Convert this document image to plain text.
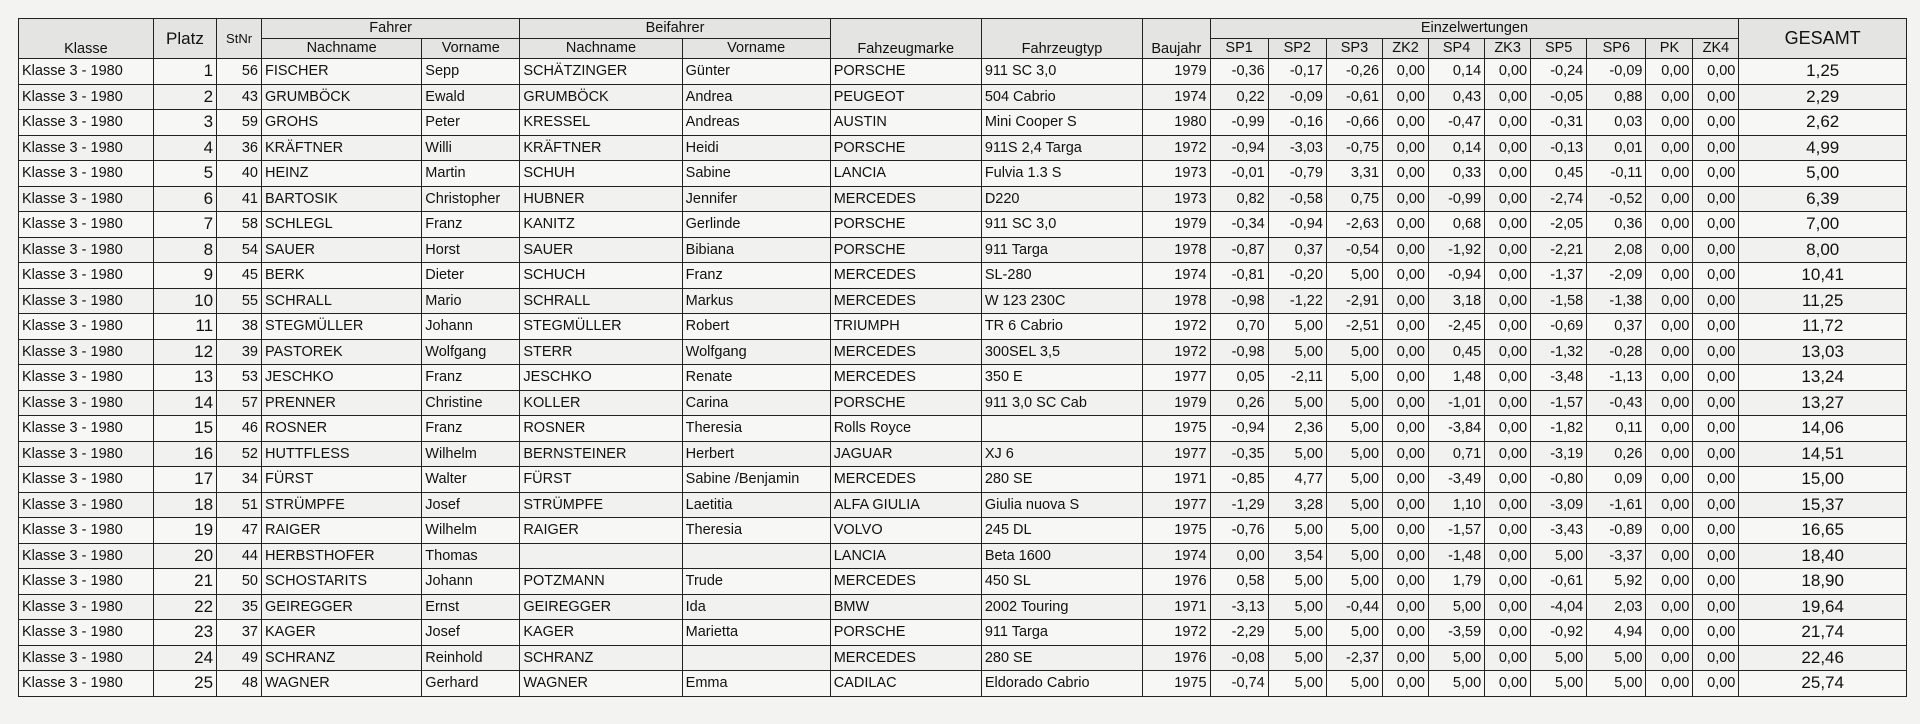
Klasse	Platz	StNr	Fahrer		Beifahrer		Fahzeugmarke	Fahrzeugtyp	Baujahr	Einzelwertungen										GESAMT
			Nachname	Vorname	Nachname	Vorname				SP1	SP2	SP3	ZK2	SP4	ZK3	SP5	SP6	PK	ZK4	
Klasse 3 - 1980	1	56	FISCHER	Sepp	SCHÄTZINGER	Günter	PORSCHE	911 SC 3,0	1979	-0,36	-0,17	-0,26	0,00	0,14	0,00	-0,24	-0,09	0,00	0,00	1,25
Klasse 3 - 1980	2	43	GRUMBÖCK	Ewald	GRUMBÖCK	Andrea	PEUGEOT	504 Cabrio	1974	0,22	-0,09	-0,61	0,00	0,43	0,00	-0,05	0,88	0,00	0,00	2,29
Klasse 3 - 1980	3	59	GROHS	Peter	KRESSEL	Andreas	AUSTIN	Mini Cooper S	1980	-0,99	-0,16	-0,66	0,00	-0,47	0,00	-0,31	0,03	0,00	0,00	2,62
Klasse 3 - 1980	4	36	KRÄFTNER	Willi	KRÄFTNER	Heidi	PORSCHE	911S 2,4 Targa	1972	-0,94	-3,03	-0,75	0,00	0,14	0,00	-0,13	0,01	0,00	0,00	4,99
Klasse 3 - 1980	5	40	HEINZ	Martin	SCHUH	Sabine	LANCIA	Fulvia 1.3 S	1973	-0,01	-0,79	3,31	0,00	0,33	0,00	0,45	-0,11	0,00	0,00	5,00
Klasse 3 - 1980	6	41	BARTOSIK	Christopher	HUBNER	Jennifer	MERCEDES	D220	1973	0,82	-0,58	0,75	0,00	-0,99	0,00	-2,74	-0,52	0,00	0,00	6,39
Klasse 3 - 1980	7	58	SCHLEGL	Franz	KANITZ	Gerlinde	PORSCHE	911 SC 3,0	1979	-0,34	-0,94	-2,63	0,00	0,68	0,00	-2,05	0,36	0,00	0,00	7,00
Klasse 3 - 1980	8	54	SAUER	Horst	SAUER	Bibiana	PORSCHE	911 Targa	1978	-0,87	0,37	-0,54	0,00	-1,92	0,00	-2,21	2,08	0,00	0,00	8,00
Klasse 3 - 1980	9	45	BERK	Dieter	SCHUCH	Franz	MERCEDES	SL-280	1974	-0,81	-0,20	5,00	0,00	-0,94	0,00	-1,37	-2,09	0,00	0,00	10,41
Klasse 3 - 1980	10	55	SCHRALL	Mario	SCHRALL	Markus	MERCEDES	W 123 230C	1978	-0,98	-1,22	-2,91	0,00	3,18	0,00	-1,58	-1,38	0,00	0,00	11,25
Klasse 3 - 1980	11	38	STEGMÜLLER	Johann	STEGMÜLLER	Robert	TRIUMPH	TR 6 Cabrio	1972	0,70	5,00	-2,51	0,00	-2,45	0,00	-0,69	0,37	0,00	0,00	11,72
Klasse 3 - 1980	12	39	PASTOREK	Wolfgang	STERR	Wolfgang	MERCEDES	300SEL 3,5	1972	-0,98	5,00	5,00	0,00	0,45	0,00	-1,32	-0,28	0,00	0,00	13,03
Klasse 3 - 1980	13	53	JESCHKO	Franz	JESCHKO	Renate	MERCEDES	350 E	1977	0,05	-2,11	5,00	0,00	1,48	0,00	-3,48	-1,13	0,00	0,00	13,24
Klasse 3 - 1980	14	57	PRENNER	Christine	KOLLER	Carina	PORSCHE	911 3,0 SC Cab	1979	0,26	5,00	5,00	0,00	-1,01	0,00	-1,57	-0,43	0,00	0,00	13,27
Klasse 3 - 1980	15	46	ROSNER	Franz	ROSNER	Theresia	Rolls Royce		1975	-0,94	2,36	5,00	0,00	-3,84	0,00	-1,82	0,11	0,00	0,00	14,06
Klasse 3 - 1980	16	52	HUTTFLESS	Wilhelm	BERNSTEINER	Herbert	JAGUAR	XJ 6	1977	-0,35	5,00	5,00	0,00	0,71	0,00	-3,19	0,26	0,00	0,00	14,51
Klasse 3 - 1980	17	34	FÜRST	Walter	FÜRST	Sabine /Benjamin	MERCEDES	280 SE	1971	-0,85	4,77	5,00	0,00	-3,49	0,00	-0,80	0,09	0,00	0,00	15,00
Klasse 3 - 1980	18	51	STRÜMPFE	Josef	STRÜMPFE	Laetitia	ALFA GIULIA	Giulia nuova S	1977	-1,29	3,28	5,00	0,00	1,10	0,00	-3,09	-1,61	0,00	0,00	15,37
Klasse 3 - 1980	19	47	RAIGER	Wilhelm	RAIGER	Theresia	VOLVO	245 DL	1975	-0,76	5,00	5,00	0,00	-1,57	0,00	-3,43	-0,89	0,00	0,00	16,65
Klasse 3 - 1980	20	44	HERBSTHOFER	Thomas			LANCIA	Beta 1600	1974	0,00	3,54	5,00	0,00	-1,48	0,00	5,00	-3,37	0,00	0,00	18,40
Klasse 3 - 1980	21	50	SCHOSTARITS	Johann	POTZMANN	Trude	MERCEDES	450 SL	1976	0,58	5,00	5,00	0,00	1,79	0,00	-0,61	5,92	0,00	0,00	18,90
Klasse 3 - 1980	22	35	GEIREGGER	Ernst	GEIREGGER	Ida	BMW	2002 Touring	1971	-3,13	5,00	-0,44	0,00	5,00	0,00	-4,04	2,03	0,00	0,00	19,64
Klasse 3 - 1980	23	37	KAGER	Josef	KAGER	Marietta	PORSCHE	911 Targa	1972	-2,29	5,00	5,00	0,00	-3,59	0,00	-0,92	4,94	0,00	0,00	21,74
Klasse 3 - 1980	24	49	SCHRANZ	Reinhold	SCHRANZ		MERCEDES	280 SE	1976	-0,08	5,00	-2,37	0,00	5,00	0,00	5,00	5,00	0,00	0,00	22,46
Klasse 3 - 1980	25	48	WAGNER	Gerhard	WAGNER	Emma	CADILAC	Eldorado Cabrio	1975	-0,74	5,00	5,00	0,00	5,00	0,00	5,00	5,00	0,00	0,00	25,74
